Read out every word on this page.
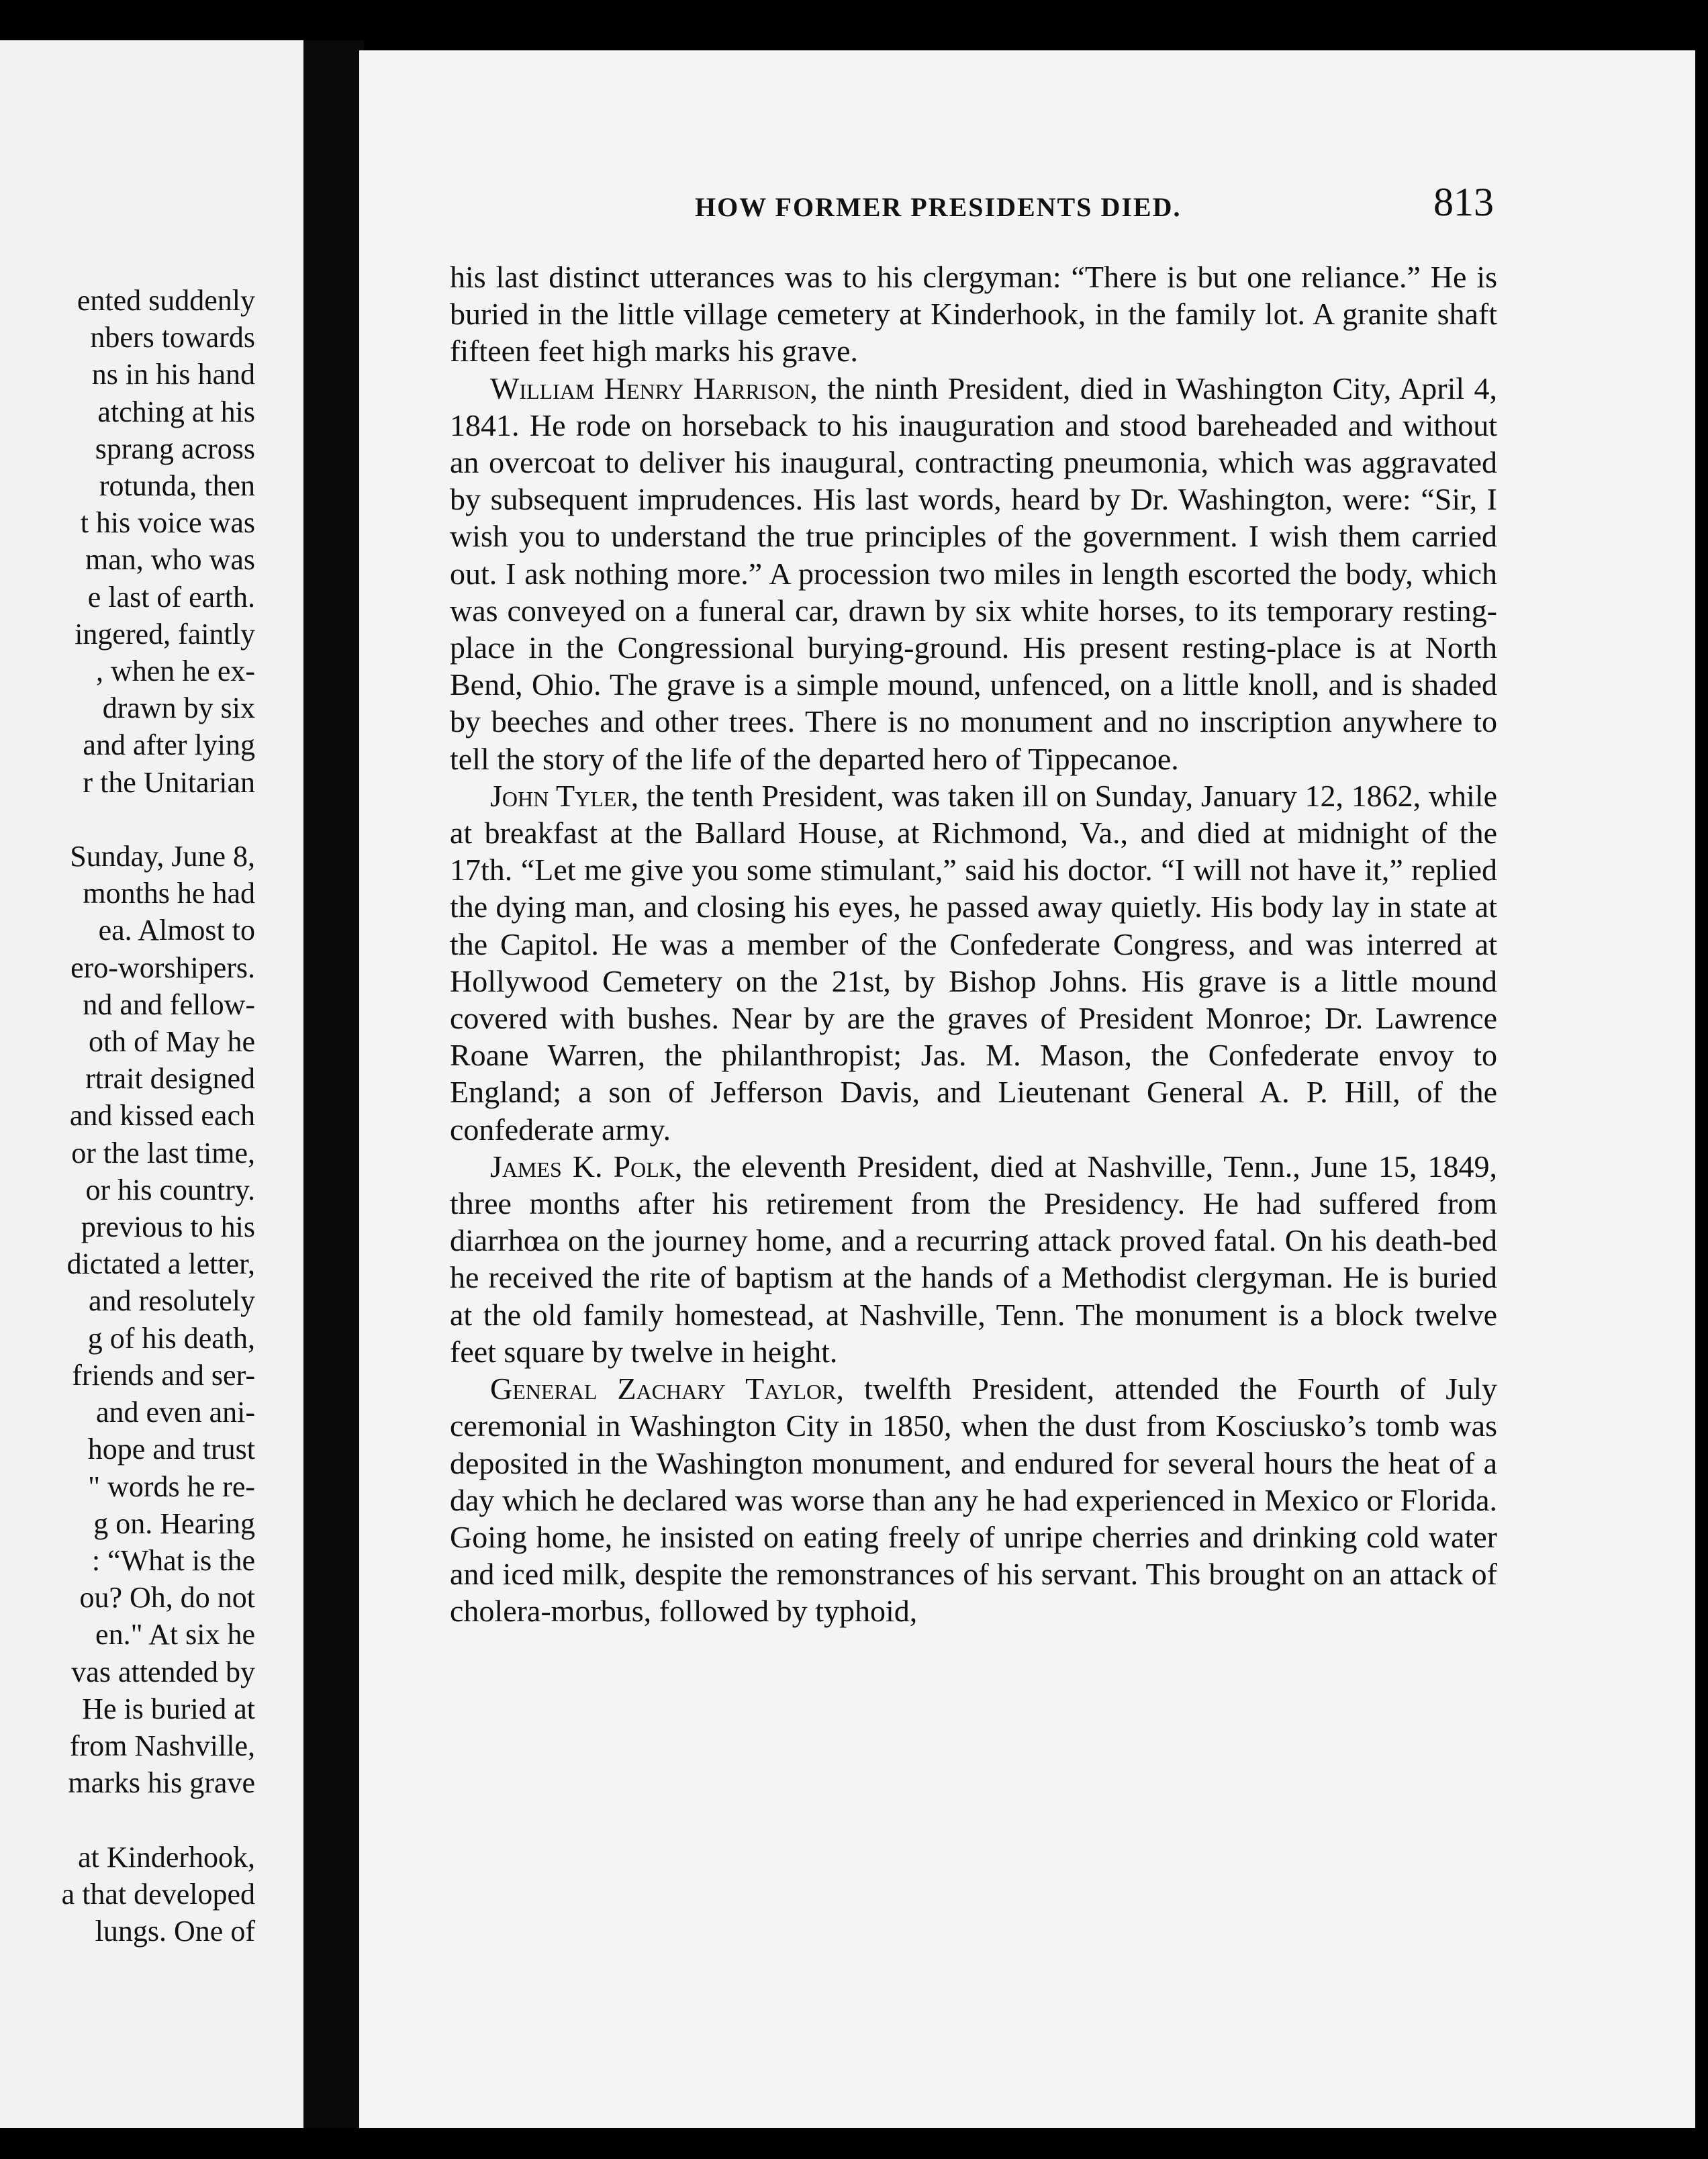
ented suddenly
nbers towards
ns in his hand
atching at his
sprang across
rotunda, then
t his voice was
man, who was
e last of earth.
ingered, faintly
, when he ex-
drawn by six
and after lying
r the Unitarian

Sunday, June 8,
months he had
ea. Almost to
ero-worshipers.
nd and fellow-
oth of May he
rtrait designed
and kissed each
or the last time,
or his country.
previous to his
dictated a letter,
and resolutely
g of his death,
friends and ser-
and even ani-
hope and trust
" words he re-
g on. Hearing
: “What is the
ou? Oh, do not
en." At six he
vas attended by
He is buried at
from Nashville,
marks his grave

at Kinderhook,
a that developed
lungs. One of
HOW FORMER PRESIDENTS DIED.	813

his last distinct utterances was to his clergyman: “There is but one reliance.” He is buried in the little village cemetery at Kinderhook, in the family lot. A granite shaft fifteen feet high marks his grave.

William Henry Harrison, the ninth President, died in Washington City, April 4, 1841. He rode on horseback to his inauguration and stood bareheaded and without an overcoat to deliver his inaugural, contracting pneumonia, which was aggravated by subsequent imprudences. His last words, heard by Dr. Washington, were: “Sir, I wish you to understand the true principles of the government. I wish them carried out. I ask nothing more.” A procession two miles in length escorted the body, which was conveyed on a funeral car, drawn by six white horses, to its temporary resting-place in the Congressional burying-ground. His present resting-place is at North Bend, Ohio. The grave is a simple mound, unfenced, on a little knoll, and is shaded by beeches and other trees. There is no monument and no inscription anywhere to tell the story of the life of the departed hero of Tippecanoe.

John Tyler, the tenth President, was taken ill on Sunday, January 12, 1862, while at breakfast at the Ballard House, at Richmond, Va., and died at midnight of the 17th. “Let me give you some stimulant,” said his doctor. “I will not have it,” replied the dying man, and closing his eyes, he passed away quietly. His body lay in state at the Capitol. He was a member of the Confederate Congress, and was interred at Hollywood Cemetery on the 21st, by Bishop Johns. His grave is a little mound covered with bushes. Near by are the graves of President Monroe; Dr. Lawrence Roane Warren, the philanthropist; Jas. M. Mason, the Confederate envoy to England; a son of Jefferson Davis, and Lieutenant General A. P. Hill, of the confederate army.

James K. Polk, the eleventh President, died at Nashville, Tenn., June 15, 1849, three months after his retirement from the Presidency. He had suffered from diarrhœa on the journey home, and a recurring attack proved fatal. On his death-bed he received the rite of baptism at the hands of a Methodist clergyman. He is buried at the old family homestead, at Nashville, Tenn. The monument is a block twelve feet square by twelve in height.

General Zachary Taylor, twelfth President, attended the Fourth of July ceremonial in Washington City in 1850, when the dust from Kosciusko’s tomb was deposited in the Washington monument, and endured for several hours the heat of a day which he declared was worse than any he had experienced in Mexico or Florida. Going home, he insisted on eating freely of unripe cherries and drinking cold water and iced milk, despite the remonstrances of his servant. This brought on an attack of cholera-morbus, followed by typhoid,
